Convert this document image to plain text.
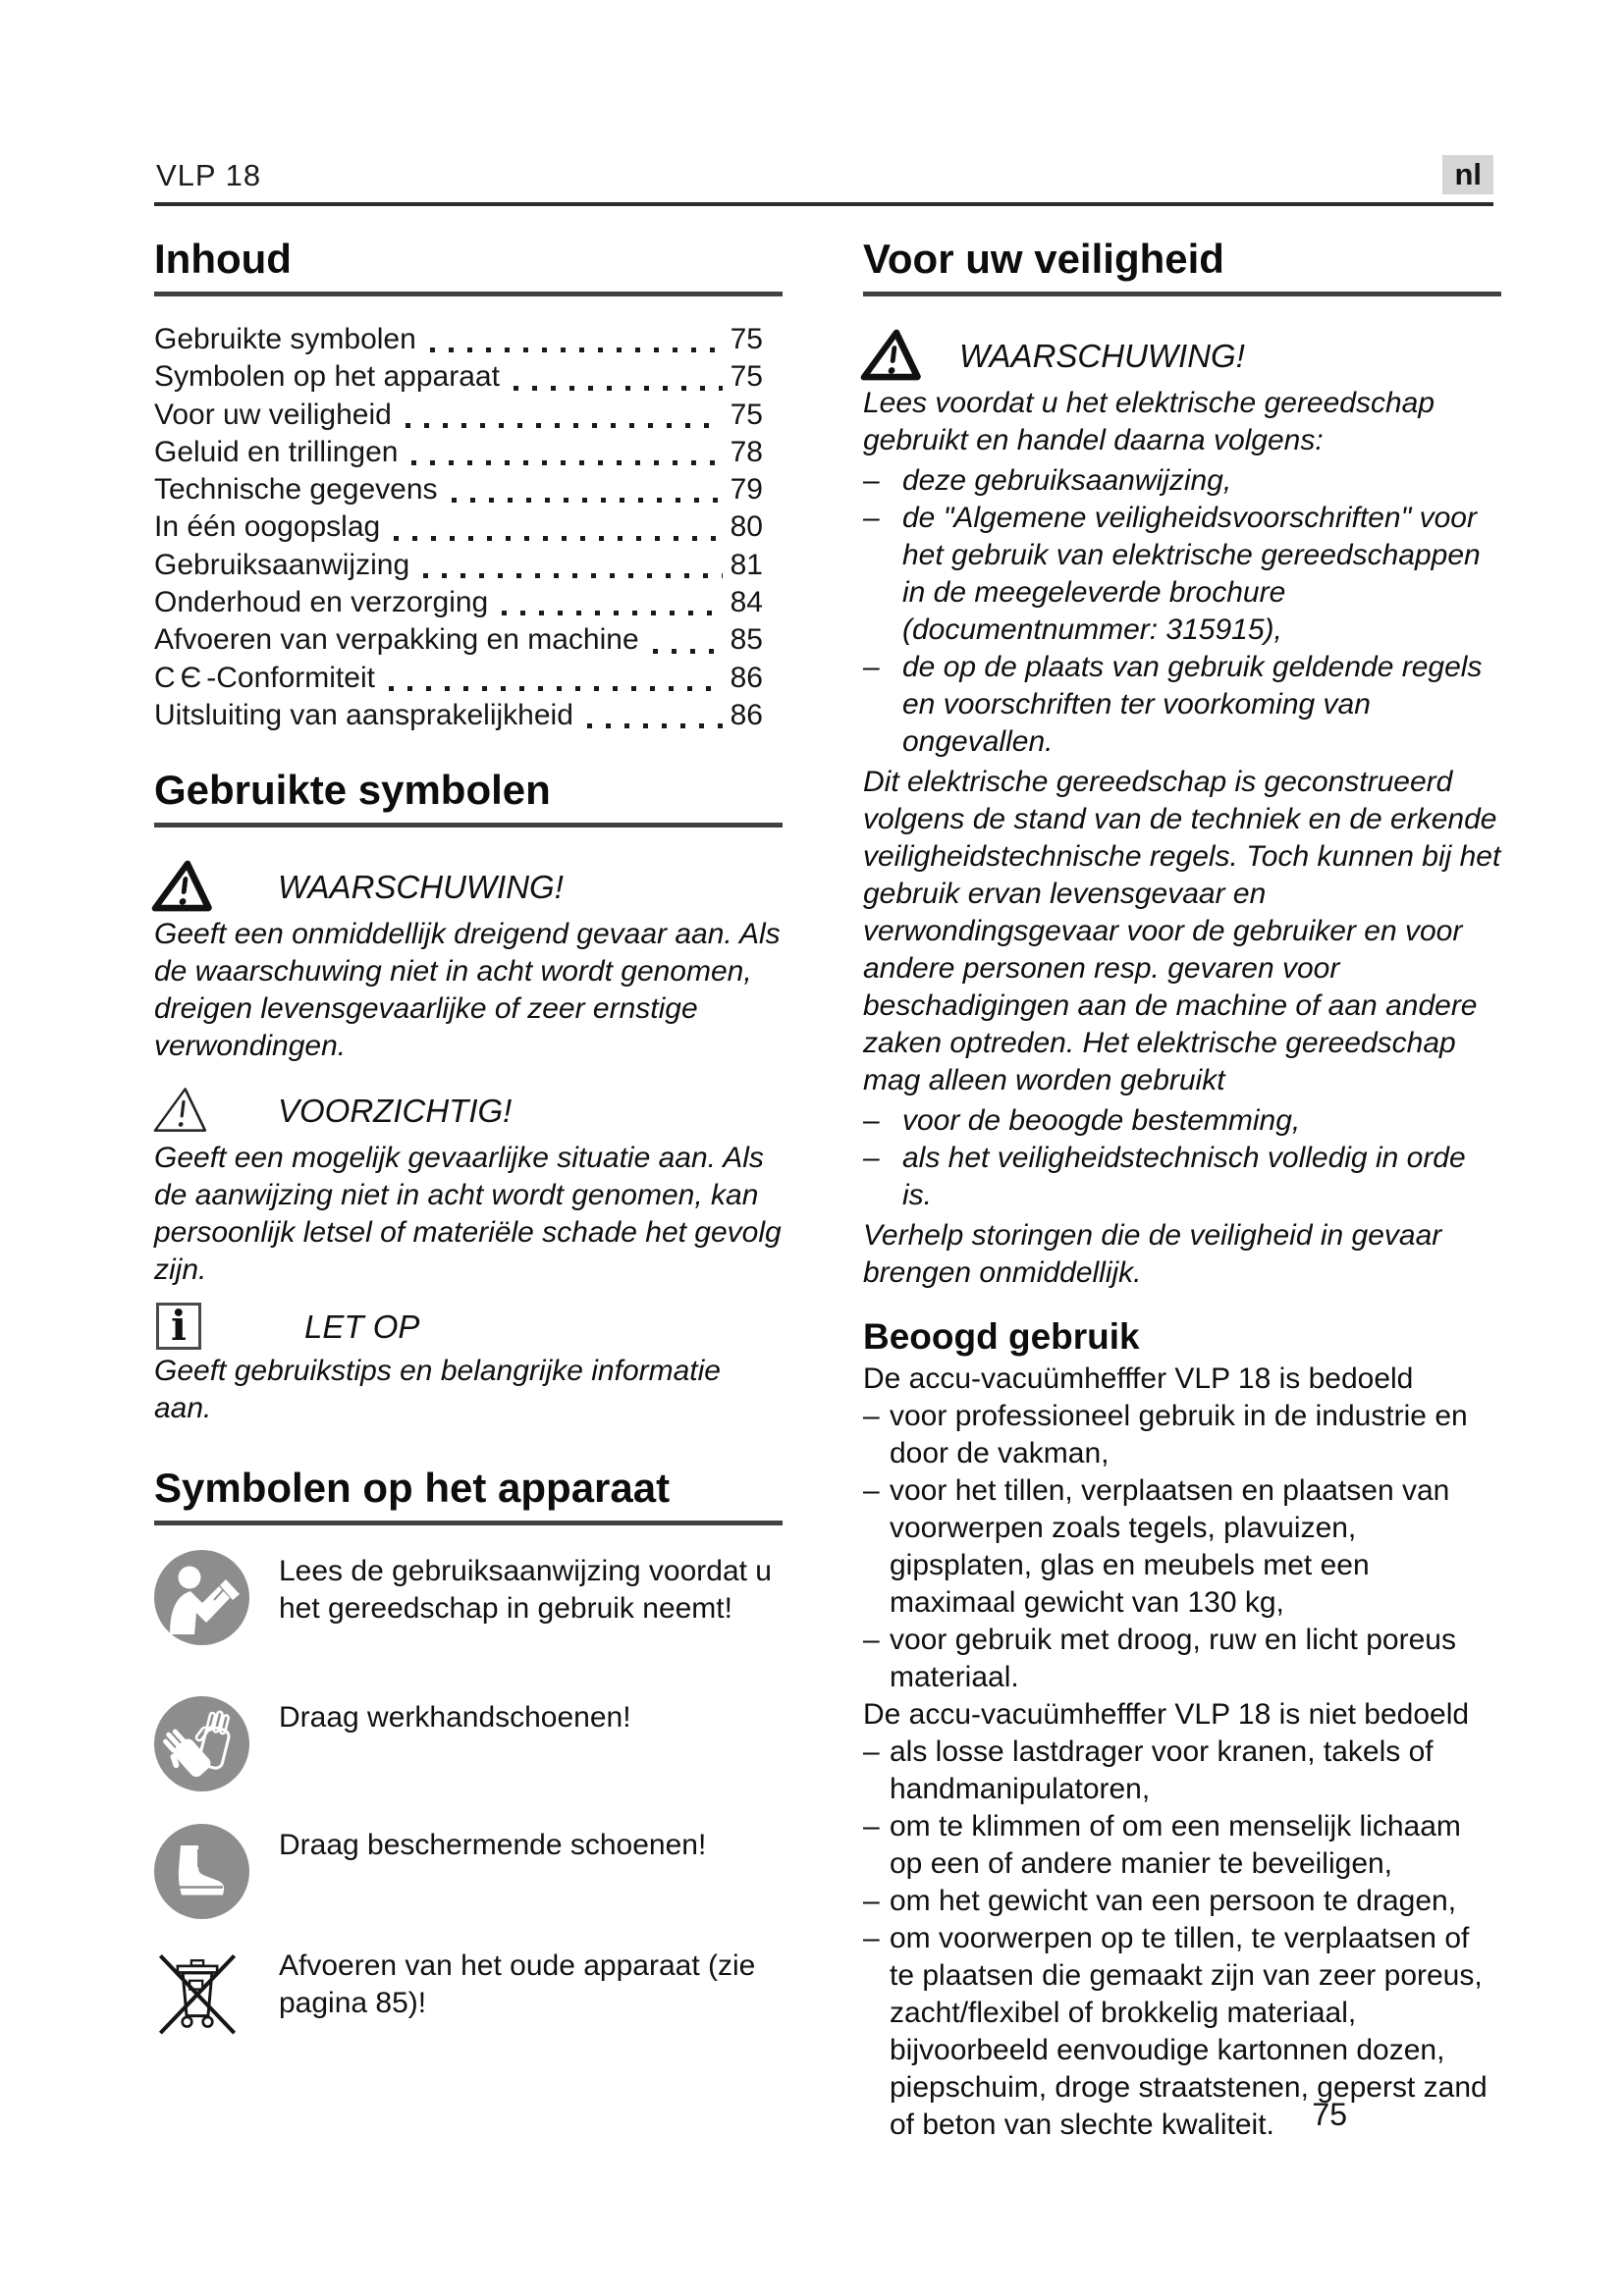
VLP 18	nl
Inhoud
Gebruikte symbolen	75
Symbolen op het apparaat	75
Voor uw veiligheid	75
Geluid en trillingen	78
Technische gegevens	79
In één oogopslag	80
Gebruiksaanwijzing	81
Onderhoud en verzorging	84
Afvoeren van verpakking en machine	85
CЄ-Conformiteit	86
Uitsluiting van aansprakelijkheid	86
Gebruikte symbolen
WAARSCHUWING!
Geeft een onmiddellijk dreigend gevaar aan. Als de waarschuwing niet in acht wordt genomen, dreigen levensgevaarlijke of zeer ernstige verwondingen.
VOORZICHTIG!
Geeft een mogelijk gevaarlijke situatie aan. Als de aanwijzing niet in acht wordt genomen, kan persoonlijk letsel of materiële schade het gevolg zijn.
i	LET OP
Geeft gebruikstips en belangrijke informatie aan.
Symbolen op het apparaat
Lees de gebruiksaanwijzing voordat u het gereedschap in gebruik neemt!
Draag werkhandschoenen!
Draag beschermende schoenen!
Afvoeren van het oude apparaat (zie pagina 85)!
Voor uw veiligheid
WAARSCHUWING!
Lees voordat u het elektrische gereedschap gebruikt en handel daarna volgens:
– deze gebruiksaanwijzing,
– de "Algemene veiligheidsvoorschriften" voor het gebruik van elektrische gereedschappen in de meegeleverde brochure (documentnummer: 315915),
– de op de plaats van gebruik geldende regels en voorschriften ter voorkoming van ongevallen.
Dit elektrische gereedschap is geconstrueerd volgens de stand van de techniek en de erkende veiligheidstechnische regels. Toch kunnen bij het gebruik ervan levensgevaar en verwondingsgevaar voor de gebruiker en voor andere personen resp. gevaren voor beschadigingen aan de machine of aan andere zaken optreden. Het elektrische gereedschap mag alleen worden gebruikt
– voor de beoogde bestemming,
– als het veiligheidstechnisch volledig in orde is.
Verhelp storingen die de veiligheid in gevaar brengen onmiddellijk.
Beoogd gebruik
De accu-vacuümhefffer VLP 18 is bedoeld
– voor professioneel gebruik in de industrie en door de vakman,
– voor het tillen, verplaatsen en plaatsen van voorwerpen zoals tegels, plavuizen, gipsplaten, glas en meubels met een maximaal gewicht van 130 kg,
– voor gebruik met droog, ruw en licht poreus materiaal.
De accu-vacuümhefffer VLP 18 is niet bedoeld
– als losse lastdrager voor kranen, takels of handmanipulatoren,
– om te klimmen of om een menselijk lichaam op een of andere manier te beveiligen,
– om het gewicht van een persoon te dragen,
– om voorwerpen op te tillen, te verplaatsen of te plaatsen die gemaakt zijn van zeer poreus, zacht/flexibel of brokkelig materiaal, bijvoorbeeld eenvoudige kartonnen dozen, piepschuim, droge straatstenen, geperst zand of beton van slechte kwaliteit.	75
